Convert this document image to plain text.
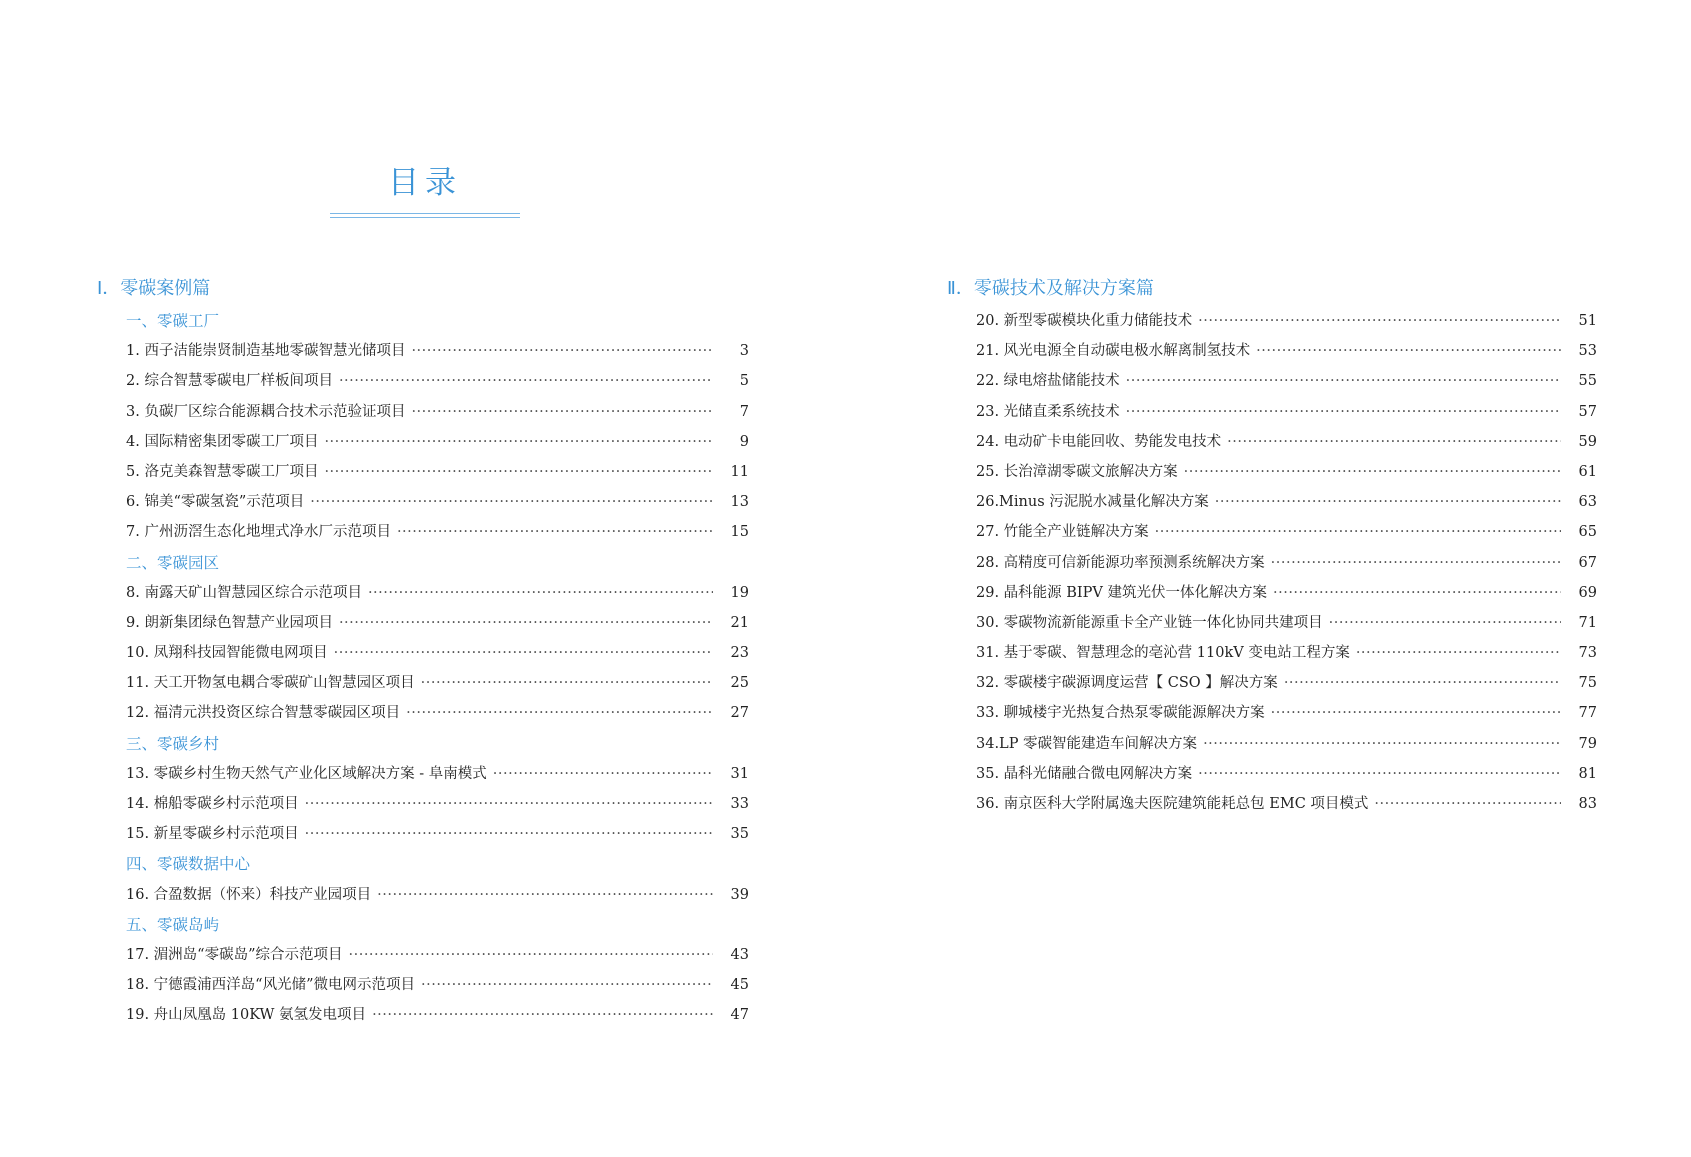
目录
Ⅰ．零碳案例篇
一、零碳工厂
1. 西子洁能崇贤制造基地零碳智慧光储项目 ·····	3
2. 综合智慧零碳电厂样板间项目 ·····	5
3. 负碳厂区综合能源耦合技术示范验证项目 ·····	7
4. 国际精密集团零碳工厂项目 ·····	9
5. 洛克美森智慧零碳工厂项目 ·····	11
6. 锦美“零碳氢瓷”示范项目 ·····	13
7. 广州沥滘生态化地埋式净水厂示范项目 ·····	15
二、零碳园区
8. 南露天矿山智慧园区综合示范项目 ·····	19
9. 朗新集团绿色智慧产业园项目 ·····	21
10. 凤翔科技园智能微电网项目 ·····	23
11. 天工开物氢电耦合零碳矿山智慧园区项目 ·····	25
12. 福清元洪投资区综合智慧零碳园区项目 ·····	27
三、零碳乡村
13. 零碳乡村生物天然气产业化区域解决方案 - 阜南模式 ·····	31
14. 棉船零碳乡村示范项目 ·····	33
15. 新星零碳乡村示范项目 ·····	35
四、零碳数据中心
16. 合盈数据（怀来）科技产业园项目 ·····	39
五、零碳岛屿
17. 湄洲岛“零碳岛”综合示范项目 ·····	43
18. 宁德霞浦西洋岛“风光储”微电网示范项目 ·····	45
19. 舟山凤凰岛 10KW 氨氢发电项目 ·····	47
Ⅱ．零碳技术及解决方案篇
20. 新型零碳模块化重力储能技术 ·····	51
21. 风光电源全自动碳电极水解离制氢技术 ·····	53
22. 绿电熔盐储能技术 ·····	55
23. 光储直柔系统技术 ·····	57
24. 电动矿卡电能回收、势能发电技术 ·····	59
25. 长治漳湖零碳文旅解决方案 ·····	61
26.Minus 污泥脱水减量化解决方案 ·····	63
27. 竹能全产业链解决方案 ·····	65
28. 高精度可信新能源功率预测系统解决方案 ·····	67
29. 晶科能源 BIPV 建筑光伏一体化解决方案 ·····	69
30. 零碳物流新能源重卡全产业链一体化协同共建项目 ·····	71
31. 基于零碳、智慧理念的亳沁营 110kV 变电站工程方案 ·····	73
32. 零碳楼宇碳源调度运营【 CSO 】解决方案 ·····	75
33. 聊城楼宇光热复合热泵零碳能源解决方案 ·····	77
34.LP 零碳智能建造车间解决方案 ·····	79
35. 晶科光储融合微电网解决方案 ·····	81
36. 南京医科大学附属逸夫医院建筑能耗总包 EMC 项目模式 ·····	83
